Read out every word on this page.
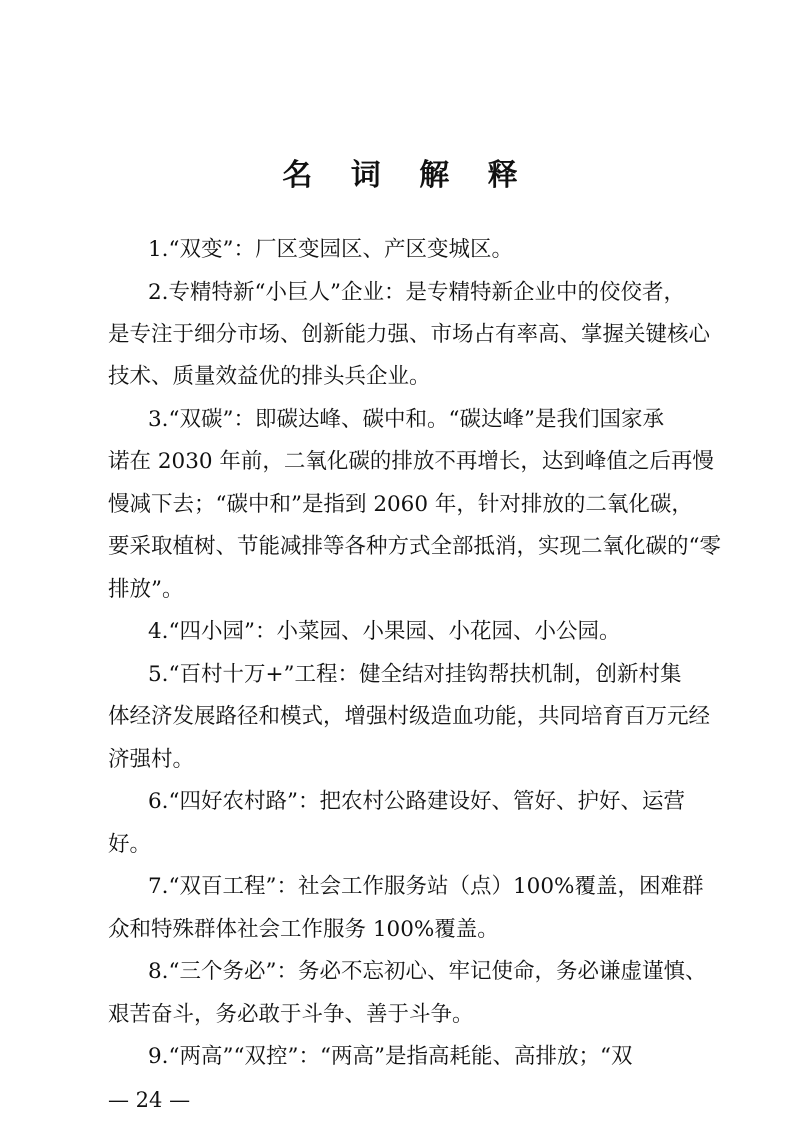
名 词 解 释
1.“双变”：厂区变园区、产区变城区。
2.专精特新“小巨人”企业：是专精特新企业中的佼佼者，
是专注于细分市场、创新能力强、市场占有率高、掌握关键核心
技术、质量效益优的排头兵企业。
3.“双碳”：即碳达峰、碳中和。“碳达峰”是我们国家承
诺在 2030 年前，二氧化碳的排放不再增长，达到峰值之后再慢
慢减下去；“碳中和”是指到 2060 年，针对排放的二氧化碳，
要采取植树、节能减排等各种方式全部抵消，实现二氧化碳的“零
排放”。
4.“四小园”：小菜园、小果园、小花园、小公园。
5.“百村十万+”工程：健全结对挂钩帮扶机制，创新村集
体经济发展路径和模式，增强村级造血功能，共同培育百万元经
济强村。
6.“四好农村路”：把农村公路建设好、管好、护好、运营
好。
7.“双百工程”：社会工作服务站（点）100%覆盖，困难群
众和特殊群体社会工作服务 100%覆盖。
8.“三个务必”：务必不忘初心、牢记使命，务必谦虚谨慎、
艰苦奋斗，务必敢于斗争、善于斗争。
9.“两高”“双控”：“两高”是指高耗能、高排放；“双
— 24 —
